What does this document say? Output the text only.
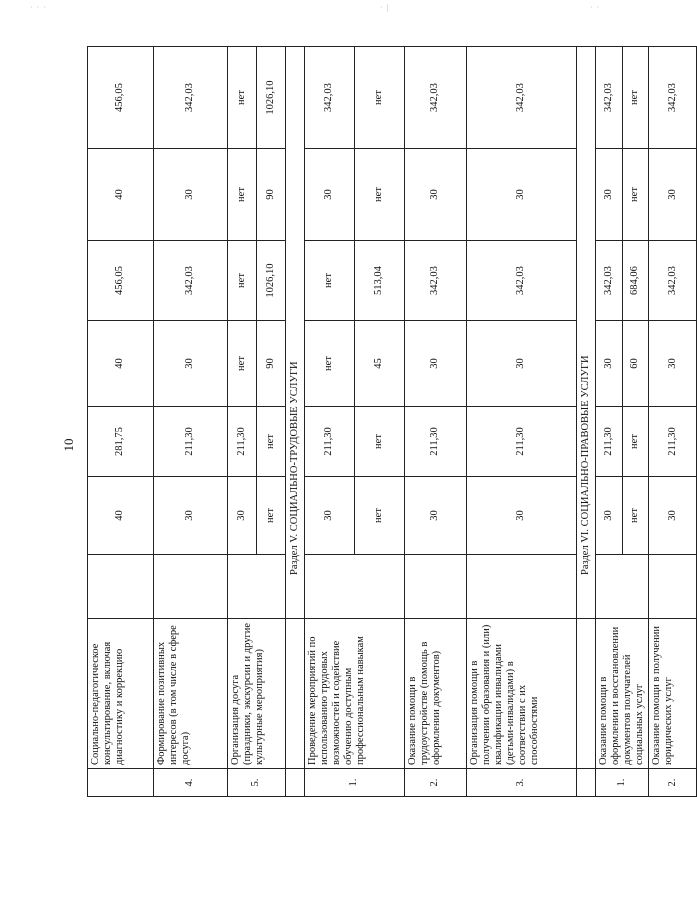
· · ·	· |	· ·
10
	Социально-педагогическое консультирование, включая диагностику и коррекцию		40	281,75	40	456,05	40	456,05
4.	Формирование позитивных интересов (в том числе в сфере досуга)		30	211,30	30	342,03	30	342,03
5.	Организация досуга (праздники, экскурсии и другие культурные мероприятия)		30	211,30	нет	нет	нет	нет
			нет	нет	90	1026,10	90	1026,10
		Раздел V. СОЦИАЛЬНО-ТРУДОВЫЕ УСЛУГИ						
1.	Проведение мероприятий по использованию трудовых возможностей и содействие обучению доступным профессиональным навыкам		30	211,30	нет	нет	30	342,03
			нет	нет	45	513,04	нет	нет
2.	Оказание помощи в трудоустройстве (помощь в оформлении документов)		30	211,30	30	342,03	30	342,03
3.	Организация помощи в получении образования и (или) квалификации инвалидами (детьми-инвалидами) в соответствии с их способностями		30	211,30	30	342,03	30	342,03
		Раздел VI. СОЦИАЛЬНО-ПРАВОВЫЕ УСЛУГИ						
1.	Оказание помощи в оформлении и восстановлении документов получателей социальных услуг		30	211,30	30	342,03	30	342,03
			нет	нет	60	684,06	нет	нет
2.	Оказание помощи в получении юридических услуг		30	211,30	30	342,03	30	342,03
